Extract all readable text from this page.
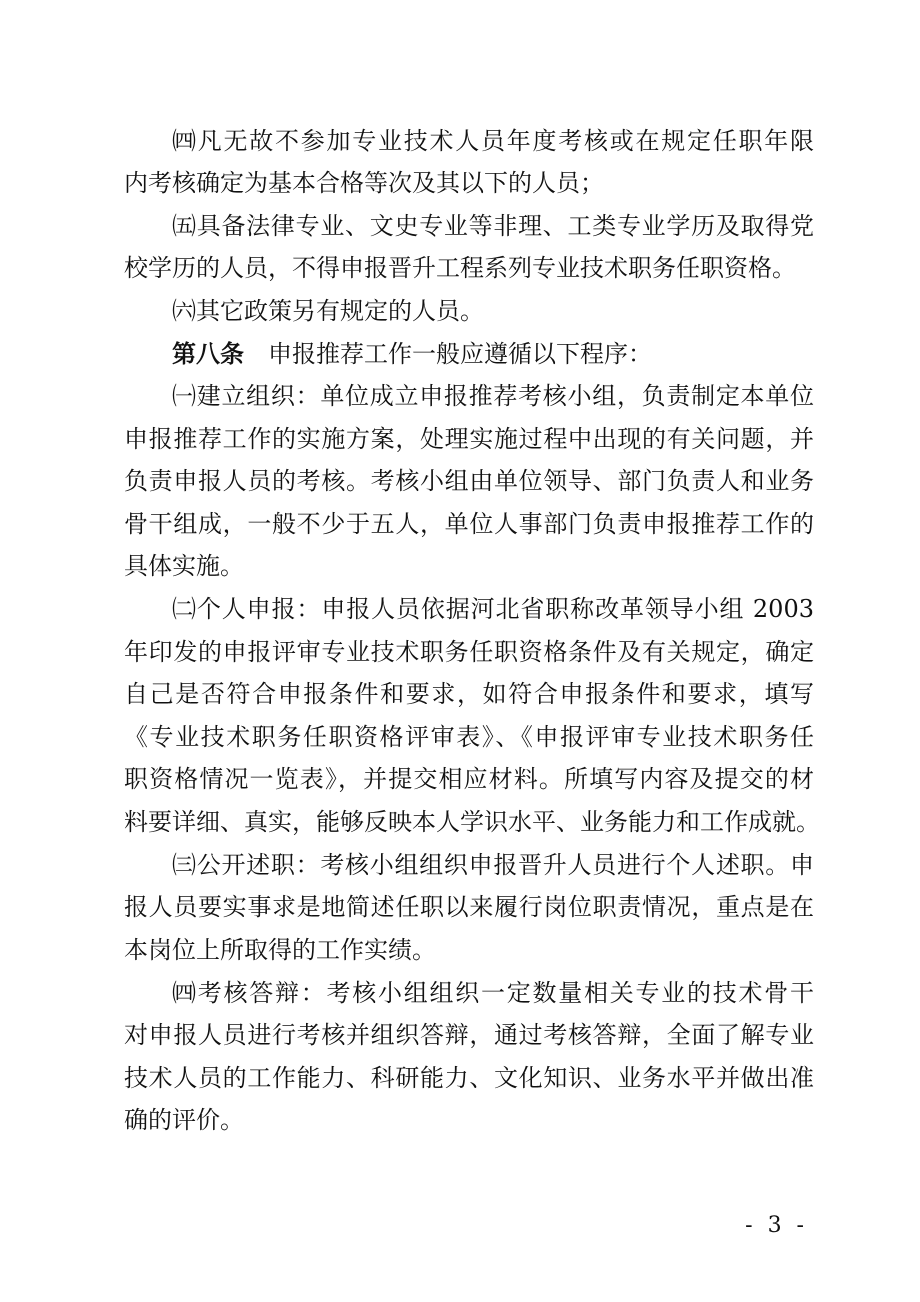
㈣凡无故不参加专业技术人员年度考核或在规定任职年限
内考核确定为基本合格等次及其以下的人员；
㈤具备法律专业、文史专业等非理、工类专业学历及取得党
校学历的人员，不得申报晋升工程系列专业技术职务任职资格。
㈥其它政策另有规定的人员。
第八条 申报推荐工作一般应遵循以下程序：
㈠建立组织：单位成立申报推荐考核小组，负责制定本单位
申报推荐工作的实施方案，处理实施过程中出现的有关问题，并
负责申报人员的考核。考核小组由单位领导、部门负责人和业务
骨干组成，一般不少于五人，单位人事部门负责申报推荐工作的
具体实施。
㈡个人申报：申报人员依据河北省职称改革领导小组 2003
年印发的申报评审专业技术职务任职资格条件及有关规定，确定
自己是否符合申报条件和要求，如符合申报条件和要求，填写
《专业技术职务任职资格评审表》、《申报评审专业技术职务任
职资格情况一览表》，并提交相应材料。所填写内容及提交的材
料要详细、真实，能够反映本人学识水平、业务能力和工作成就。
㈢公开述职：考核小组组织申报晋升人员进行个人述职。申
报人员要实事求是地简述任职以来履行岗位职责情况，重点是在
本岗位上所取得的工作实绩。
㈣考核答辩：考核小组组织一定数量相关专业的技术骨干
对申报人员进行考核并组织答辩，通过考核答辩，全面了解专业
技术人员的工作能力、科研能力、文化知识、业务水平并做出准
确的评价。
- 3 -
